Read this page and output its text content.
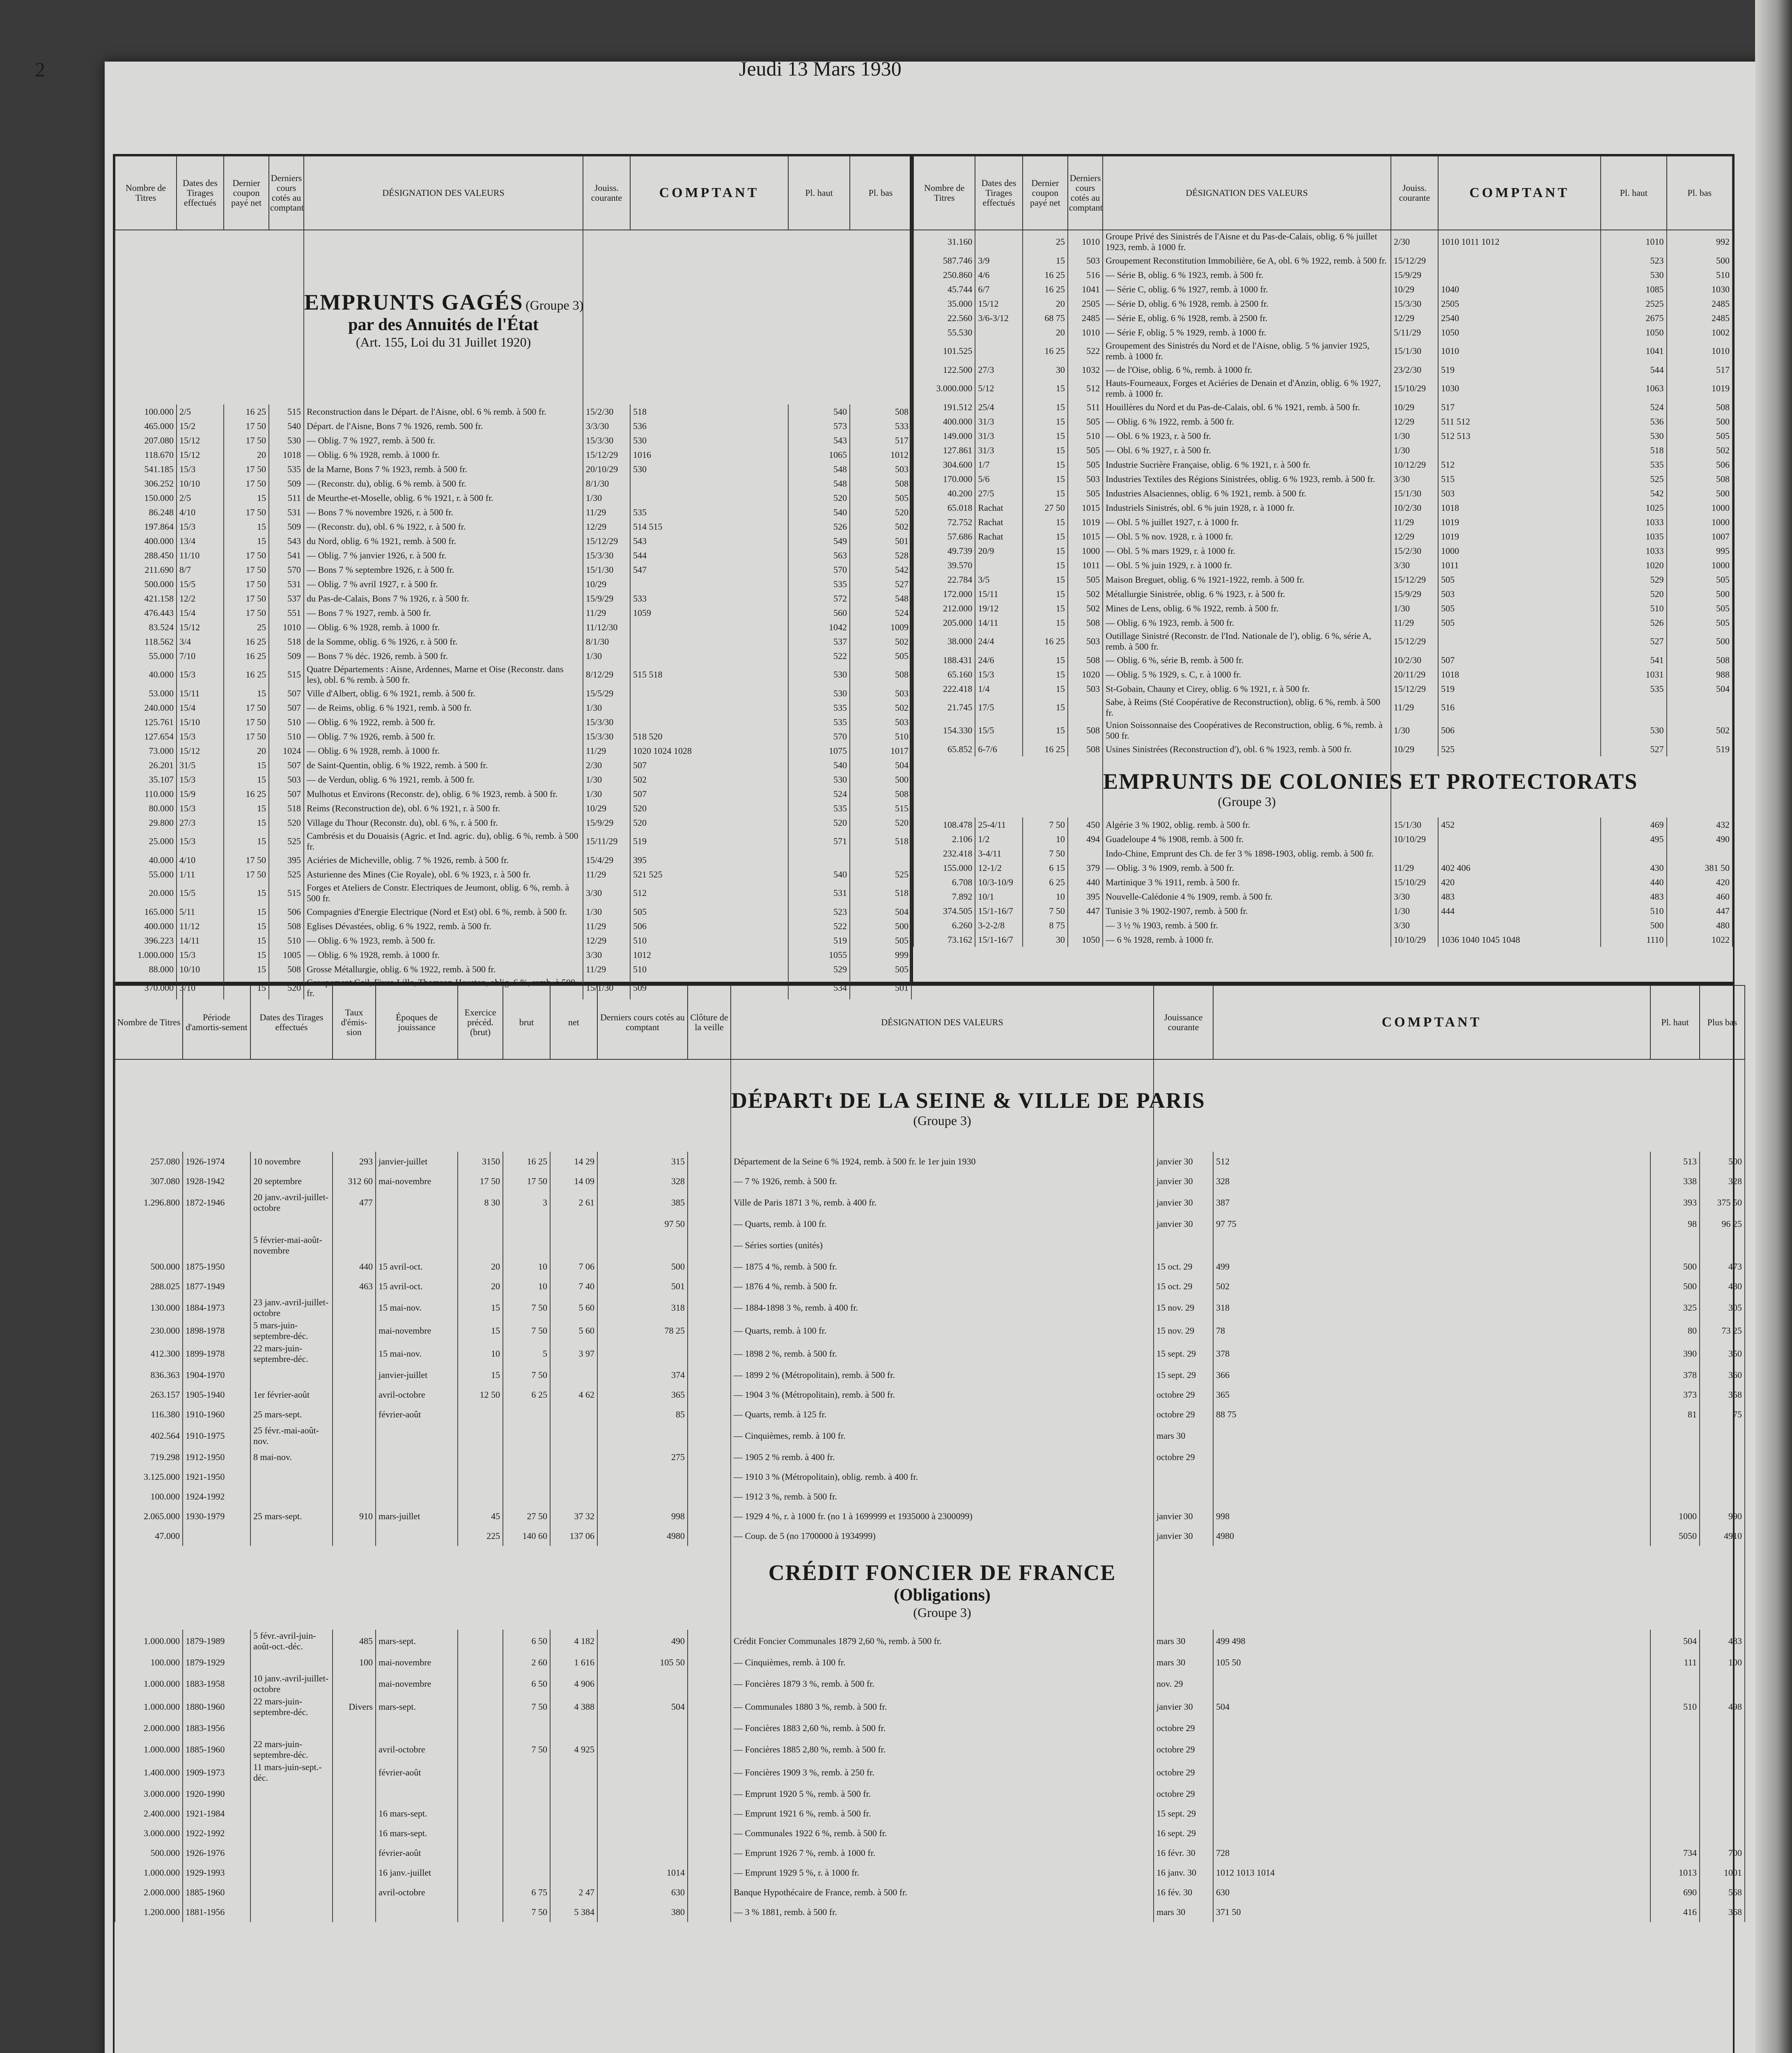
2	Jeudi 13 Mars 1930
Nombre de Titres	Dates des Tirages effectués	Dernier coupon payé net	Derniers cours cotés au comptant	DÉSIGNATION DES VALEURS	Jouiss. courante	COMPTANT	Pl. haut	Pl. bas

				EMPRUNTS GAGÉS (Groupe 3)
par des Annuités de l'État
(Art. 155, Loi du 31 Juillet 1920)				

100.000	2/5	16 25	515	Reconstruction dans le Départ. de l'Aisne, obl. 6 % remb. à 500 fr.	15/2/30	518	540	508
465.000	15/2	17 50	540	Départ. de l'Aisne, Bons 7 % 1926, remb. 500 fr.	3/3/30	536	573	533
207.080	15/12	17 50	530	— Oblig. 7 % 1927, remb. à 500 fr.	15/3/30	530	543	517
118.670	15/12	20	1018	— Oblig. 6 % 1928, remb. à 1000 fr.	15/12/29	1016	1065	1012
541.185	15/3	17 50	535	de la Marne, Bons 7 % 1923, remb. à 500 fr.	20/10/29	530	548	503
306.252	10/10	17 50	509	— (Reconstr. du), oblig. 6 % remb. à 500 fr.	8/1/30		548	508
150.000	2/5	15	511	de Meurthe-et-Moselle, oblig. 6 % 1921, r. à 500 fr.	1/30		520	505
86.248	4/10	17 50	531	— Bons 7 % novembre 1926, r. à 500 fr.	11/29	535	540	520
197.864	15/3	15	509	— (Reconstr. du), obl. 6 % 1922, r. à 500 fr.	12/29	514 515	526	502
400.000	13/4	15	543	du Nord, oblig. 6 % 1921, remb. à 500 fr.	15/12/29	543	549	501
288.450	11/10	17 50	541	— Oblig. 7 % janvier 1926, r. à 500 fr.	15/3/30	544	563	528
211.690	8/7	17 50	570	— Bons 7 % septembre 1926, r. à 500 fr.	15/1/30	547	570	542
500.000	15/5	17 50	531	— Oblig. 7 % avril 1927, r. à 500 fr.	10/29		535	527
421.158	12/2	17 50	537	du Pas-de-Calais, Bons 7 % 1926, r. à 500 fr.	15/9/29	533	572	548
476.443	15/4	17 50	551	— Bons 7 % 1927, remb. à 500 fr.	11/29	1059	560	524
83.524	15/12	25	1010	— Oblig. 6 % 1928, remb. à 1000 fr.	11/12/30		1042	1009
118.562	3/4	16 25	518	de la Somme, oblig. 6 % 1926, r. à 500 fr.	8/1/30		537	502
55.000	7/10	16 25	509	— Bons 7 % déc. 1926, remb. à 500 fr.	1/30		522	505
40.000	15/3	16 25	515	Quatre Départements : Aisne, Ardennes, Marne et Oise (Reconstr. dans les), obl. 6 % remb. à 500 fr.	8/12/29	515 518	530	508
53.000	15/11	15	507	Ville d'Albert, oblig. 6 % 1921, remb. à 500 fr.	15/5/29		530	503
240.000	15/4	17 50	507	— de Reims, oblig. 6 % 1921, remb. à 500 fr.	1/30		535	502
125.761	15/10	17 50	510	— Oblig. 6 % 1922, remb. à 500 fr.	15/3/30		535	503
127.654	15/3	17 50	510	— Oblig. 7 % 1926, remb. à 500 fr.	15/3/30	518 520	570	510
73.000	15/12	20	1024	— Oblig. 6 % 1928, remb. à 1000 fr.	11/29	1020 1024 1028	1075	1017
26.201	31/5	15	507	de Saint-Quentin, oblig. 6 % 1922, remb. à 500 fr.	2/30	507	540	504
35.107	15/3	15	503	— de Verdun, oblig. 6 % 1921, remb. à 500 fr.	1/30	502	530	500
110.000	15/9	16 25	507	Mulhotus et Environs (Reconstr. de), oblig. 6 % 1923, remb. à 500 fr.	1/30	507	524	508
80.000	15/3	15	518	Reims (Reconstruction de), obl. 6 % 1921, r. à 500 fr.	10/29	520	535	515
29.800	27/3	15	520	Village du Thour (Reconstr. du), obl. 6 %, r. à 500 fr.	15/9/29	520	520	520
25.000	15/3	15	525	Cambrésis et du Douaisis (Agric. et Ind. agric. du), oblig. 6 %, remb. à 500 fr.	15/11/29	519	571	518
40.000	4/10	17 50	395	Aciéries de Micheville, oblig. 7 % 1926, remb. à 500 fr.	15/4/29	395		
55.000	1/11	17 50	525	Asturienne des Mines (Cie Royale), obl. 6 % 1923, r. à 500 fr.	11/29	521 525	540	525
20.000	15/5	15	515	Forges et Ateliers de Constr. Electriques de Jeumont, oblig. 6 %, remb. à 500 fr.	3/30	512	531	518
165.000	5/11	15	506	Compagnies d'Energie Electrique (Nord et Est) obl. 6 %, remb. à 500 fr.	1/30	505	523	504
400.000	11/12	15	508	Eglises Dévastées, oblig. 6 % 1922, remb. à 500 fr.	11/29	506	522	500
396.223	14/11	15	510	— Oblig. 6 % 1923, remb. à 500 fr.	12/29	510	519	505
1.000.000	15/3	15	1005	— Oblig. 6 % 1928, remb. à 1000 fr.	3/30	1012	1055	999
88.000	10/10	15	508	Grosse Métallurgie, oblig. 6 % 1922, remb. à 500 fr.	11/29	510	529	505
370.000	3/10	15	520	Groupement Gail, Fives-Lille, Thomson-Houston, oblig. 6 %, remb. à 500 fr.	15/1/30	509	534	501
Nombre de Titres	Dates des Tirages effectués	Dernier coupon payé net	Derniers cours cotés au comptant	DÉSIGNATION DES VALEURS	Jouiss. courante	COMPTANT	Pl. haut	Pl. bas
31.160		25	1010	Groupe Privé des Sinistrés de l'Aisne et du Pas-de-Calais, oblig. 6 % juillet 1923, remb. à 1000 fr.	2/30	1010 1011 1012	1010	992
587.746	3/9	15	503	Groupement Reconstitution Immobilière, 6e A, obl. 6 % 1922, remb. à 500 fr.	15/12/29		523	500
250.860	4/6	16 25	516	— Série B, oblig. 6 % 1923, remb. à 500 fr.	15/9/29		530	510
45.744	6/7	16 25	1041	— Série C, oblig. 6 % 1927, remb. à 1000 fr.	10/29	1040	1085	1030
35.000	15/12	20	2505	— Série D, oblig. 6 % 1928, remb. à 2500 fr.	15/3/30	2505	2525	2485
22.560	3/6-3/12	68 75	2485	— Série E, oblig. 6 % 1928, remb. à 2500 fr.	12/29	2540	2675	2485
55.530		20	1010	— Série F, oblig. 5 % 1929, remb. à 1000 fr.	5/11/29	1050	1050	1002
101.525		16 25	522	Groupement des Sinistrés du Nord et de l'Aisne, oblig. 5 % janvier 1925, remb. à 1000 fr.	15/1/30	1010	1041	1010
122.500	27/3	30	1032	— de l'Oise, oblig. 6 %, remb. à 1000 fr.	23/2/30	519	544	517
3.000.000	5/12	15	512	Hauts-Fourneaux, Forges et Aciéries de Denain et d'Anzin, oblig. 6 % 1927, remb. à 1000 fr.	15/10/29	1030	1063	1019
191.512	25/4	15	511	Houillères du Nord et du Pas-de-Calais, obl. 6 % 1921, remb. à 500 fr.	10/29	517	524	508
400.000	31/3	15	505	— Oblig. 6 % 1922, remb. à 500 fr.	12/29	511 512	536	500
149.000	31/3	15	510	— Obl. 6 % 1923, r. à 500 fr.	1/30	512 513	530	505
127.861	31/3	15	505	— Obl. 6 % 1927, r. à 500 fr.	1/30		518	502
304.600	1/7	15	505	Industrie Sucrière Française, oblig. 6 % 1921, r. à 500 fr.	10/12/29	512	535	506
170.000	5/6	15	503	Industries Textiles des Régions Sinistrées, oblig. 6 % 1923, remb. à 500 fr.	3/30	515	525	508
40.200	27/5	15	505	Industries Alsaciennes, oblig. 6 % 1921, remb. à 500 fr.	15/1/30	503	542	500
65.018	Rachat	27 50	1015	Industriels Sinistrés, obl. 6 % juin 1928, r. à 1000 fr.	10/2/30	1018	1025	1000
72.752	Rachat	15	1019	— Obl. 5 % juillet 1927, r. à 1000 fr.	11/29	1019	1033	1000
57.686	Rachat	15	1015	— Obl. 5 % nov. 1928, r. à 1000 fr.	12/29	1019	1035	1007
49.739	20/9	15	1000	— Obl. 5 % mars 1929, r. à 1000 fr.	15/2/30	1000	1033	995
39.570		15	1011	— Obl. 5 % juin 1929, r. à 1000 fr.	3/30	1011	1020	1000
22.784	3/5	15	505	Maison Breguet, oblig. 6 % 1921-1922, remb. à 500 fr.	15/12/29	505	529	505
172.000	15/11	15	502	Métallurgie Sinistrée, oblig. 6 % 1923, r. à 500 fr.	15/9/29	503	520	500
212.000	19/12	15	502	Mines de Lens, oblig. 6 % 1922, remb. à 500 fr.	1/30	505	510	505
205.000	14/11	15	508	— Oblig. 6 % 1923, remb. à 500 fr.	11/29	505	526	505
38.000	24/4	16 25	503	Outillage Sinistré (Reconstr. de l'Ind. Nationale de l'), oblig. 6 %, série A, remb. à 500 fr.	15/12/29		527	500
188.431	24/6	15	508	— Oblig. 6 %, série B, remb. à 500 fr.	10/2/30	507	541	508
65.160	15/3	15	1020	— Oblig. 5 % 1929, s. C, r. à 1000 fr.	20/11/29	1018	1031	988
222.418	1/4	15	503	St-Gobain, Chauny et Cirey, oblig. 6 % 1921, r. à 500 fr.	15/12/29	519	535	504
21.745	17/5	15		Sabe, à Reims (Sté Coopérative de Reconstruction), oblig. 6 %, remb. à 500 fr.	11/29	516		
154.330	15/5	15	508	Union Soissonnaise des Coopératives de Reconstruction, oblig. 6 %, remb. à 500 fr.	1/30	506	530	502
65.852	6-7/6	16 25	508	Usines Sinistrées (Reconstruction d'), obl. 6 % 1923, remb. à 500 fr.	10/29	525	527	519

				EMPRUNTS DE COLONIES ET PROTECTORATS
(Groupe 3)				

108.478	25-4/11	7 50	450	Algérie 3 % 1902, oblig. remb. à 500 fr.	15/1/30	452	469	432
2.106	1/2	10	494	Guadeloupe 4 % 1908, remb. à 500 fr.	10/10/29		495	490
232.418	3-4/11	7 50		Indo-Chine, Emprunt des Ch. de fer 3 % 1898-1903, oblig. remb. à 500 fr.				
155.000	12-1/2	6 15	379	— Oblig. 3 % 1909, remb. à 500 fr.	11/29	402 406	430	381 50
6.708	10/3-10/9	6 25	440	Martinique 3 % 1911, remb. à 500 fr.	15/10/29	420	440	420
7.892	10/1	10	395	Nouvelle-Calédonie 4 % 1909, remb. à 500 fr.	3/30	483	483	460
374.505	15/1-16/7	7 50	447	Tunisie 3 % 1902-1907, remb. à 500 fr.	1/30	444	510	447
6.260	3-2-2/8	8 75		— 3 ½ % 1903, remb. à 500 fr.	3/30		500	480
73.162	15/1-16/7	30	1050	— 6 % 1928, remb. à 1000 fr.	10/10/29	1036 1040 1045 1048	1110	1022
Nombre de Titres	Période d'amortis-sement	Dates des Tirages effectués	Taux d'émis-sion	Époques de jouissance	Exercice précéd. (brut)	brut	net	Derniers cours cotés au comptant	Clôture de la veille	DÉSIGNATION DES VALEURS	Jouissance courante	COMPTANT	Pl. haut	Plus bas

										DÉPARTt DE LA SEINE & VILLE DE PARIS
(Groupe 3)				

257.080	1926-1974	10 novembre	293	janvier-juillet	3150	16 25	14 29	315		Département de la Seine 6 % 1924, remb. à 500 fr. le 1er juin 1930	janvier 30	512	513	500
307.080	1928-1942	20 septembre	312 60	mai-novembre	17 50	17 50	14 09	328		— 7 % 1926, remb. à 500 fr.	janvier 30	328	338	328
1.296.800	1872-1946	20 janv.-avril-juillet-octobre	477		8 30	3	2 61	385		Ville de Paris 1871 3 %, remb. à 400 fr.	janvier 30	387	393	375 50
								97 50		— Quarts, remb. à 100 fr.	janvier 30	97 75	98	96 25
		5 février-mai-août-novembre								— Séries sorties (unités)				
500.000	1875-1950		440	15 avril-oct.	20	10	7 06	500		— 1875 4 %, remb. à 500 fr.	15 oct. 29	499	500	473
288.025	1877-1949		463	15 avril-oct.	20	10	7 40	501		— 1876 4 %, remb. à 500 fr.	15 oct. 29	502	500	480
130.000	1884-1973	23 janv.-avril-juillet-octobre		15 mai-nov.	15	7 50	5 60	318		— 1884-1898 3 %, remb. à 400 fr.	15 nov. 29	318	325	305
230.000	1898-1978	5 mars-juin-septembre-déc.		mai-novembre	15	7 50	5 60	78 25		— Quarts, remb. à 100 fr.	15 nov. 29	78	80	73 25
412.300	1899-1978	22 mars-juin-septembre-déc.		15 mai-nov.	10	5	3 97			— 1898 2 %, remb. à 500 fr.	15 sept. 29	378	390	350
836.363	1904-1970			janvier-juillet	15	7 50		374		— 1899 2 % (Métropolitain), remb. à 500 fr.	15 sept. 29	366	378	360
263.157	1905-1940	1er février-août		avril-octobre	12 50	6 25	4 62	365		— 1904 3 % (Métropolitain), remb. à 500 fr.	octobre 29	365	373	358
116.380	1910-1960	25 mars-sept.		février-août				85		— Quarts, remb. à 125 fr.	octobre 29	88 75	81	75
402.564	1910-1975	25 févr.-mai-août-nov.								— Cinquièmes, remb. à 100 fr.	mars 30			
719.298	1912-1950	8 mai-nov.						275		— 1905 2 % remb. à 400 fr.	octobre 29			
3.125.000	1921-1950									— 1910 3 % (Métropolitain), oblig. remb. à 400 fr.				
100.000	1924-1992									— 1912 3 %, remb. à 500 fr.				
2.065.000	1930-1979	25 mars-sept.	910	mars-juillet	45	27 50	37 32	998		— 1929 4 %, r. à 1000 fr. (no 1 à 1699999 et 1935000 à 2300099)	janvier 30	998	1000	990
47.000					225	140 60	137 06	4980		— Coup. de 5 (no 1700000 à 1934999)	janvier 30	4980	5050	4910

										CRÉDIT FONCIER DE FRANCE
(Obligations)
(Groupe 3)				

1.000.000	1879-1989	5 févr.-avril-juin-août-oct.-déc.	485	mars-sept.		6 50	4 182	490		Crédit Foncier Communales 1879 2,60 %, remb. à 500 fr.	mars 30	499 498	504	483
100.000	1879-1929		100	mai-novembre		2 60	1 616	105 50		— Cinquièmes, remb. à 100 fr.	mars 30	105 50	111	100
1.000.000	1883-1958	10 janv.-avril-juillet-octobre		mai-novembre		6 50	4 906			— Foncières 1879 3 %, remb. à 500 fr.	nov. 29			
1.000.000	1880-1960	22 mars-juin-septembre-déc.	Divers	mars-sept.		7 50	4 388	504		— Communales 1880 3 %, remb. à 500 fr.	janvier 30	504	510	498
2.000.000	1883-1956									— Foncières 1883 2,60 %, remb. à 500 fr.	octobre 29			
1.000.000	1885-1960	22 mars-juin-septembre-déc.		avril-octobre		7 50	4 925			— Foncières 1885 2,80 %, remb. à 500 fr.	octobre 29			
1.400.000	1909-1973	11 mars-juin-sept.-déc.		février-août						— Foncières 1909 3 %, remb. à 250 fr.	octobre 29			
3.000.000	1920-1990									— Emprunt 1920 5 %, remb. à 500 fr.	octobre 29			
2.400.000	1921-1984			16 mars-sept.						— Emprunt 1921 6 %, remb. à 500 fr.	15 sept. 29			
3.000.000	1922-1992			16 mars-sept.						— Communales 1922 6 %, remb. à 500 fr.	16 sept. 29			
500.000	1926-1976			février-août						— Emprunt 1926 7 %, remb. à 1000 fr.	16 févr. 30	728	734	700
1.000.000	1929-1993			16 janv.-juillet				1014		— Emprunt 1929 5 %, r. à 1000 fr.	16 janv. 30	1012 1013 1014	1013	1001
2.000.000	1885-1960			avril-octobre		6 75	2 47	630		Banque Hypothécaire de France, remb. à 500 fr.	16 fév. 30	630	690	568
1.200.000	1881-1956					7 50	5 384	380		— 3 % 1881, remb. à 500 fr.	mars 30	371 50	416	368
